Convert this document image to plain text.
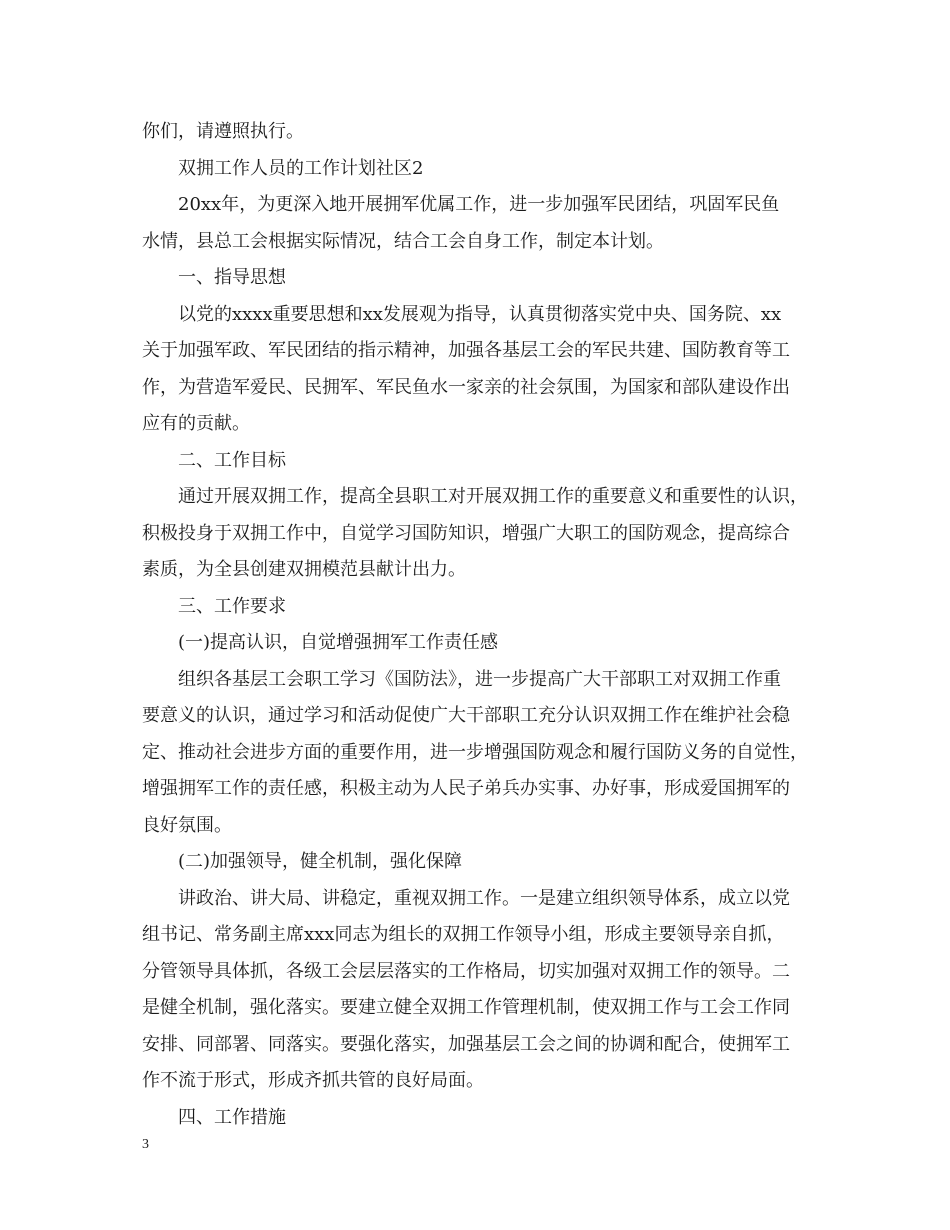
你们，请遵照执行。

双拥工作人员的工作计划社区2

20xx年，为更深入地开展拥军优属工作，进一步加强军民团结，巩固军民鱼

水情，县总工会根据实际情况，结合工会自身工作，制定本计划。

一、指导思想

以党的xxxx重要思想和xx发展观为指导，认真贯彻落实党中央、国务院、xx

关于加强军政、军民团结的指示精神，加强各基层工会的军民共建、国防教育等工

作，为营造军爱民、民拥军、军民鱼水一家亲的社会氛围，为国家和部队建设作出

应有的贡献。

二、工作目标

通过开展双拥工作，提高全县职工对开展双拥工作的重要意义和重要性的认识，

积极投身于双拥工作中，自觉学习国防知识，增强广大职工的国防观念，提高综合

素质，为全县创建双拥模范县献计出力。

三、工作要求

(一)提高认识，自觉增强拥军工作责任感

组织各基层工会职工学习《国防法》，进一步提高广大干部职工对双拥工作重

要意义的认识，通过学习和活动促使广大干部职工充分认识双拥工作在维护社会稳

定、推动社会进步方面的重要作用，进一步增强国防观念和履行国防义务的自觉性，

增强拥军工作的责任感，积极主动为人民子弟兵办实事、办好事，形成爱国拥军的

良好氛围。

(二)加强领导，健全机制，强化保障

讲政治、讲大局、讲稳定，重视双拥工作。一是建立组织领导体系，成立以党

组书记、常务副主席xxx同志为组长的双拥工作领导小组，形成主要领导亲自抓，

分管领导具体抓，各级工会层层落实的工作格局，切实加强对双拥工作的领导。二

是健全机制，强化落实。要建立健全双拥工作管理机制，使双拥工作与工会工作同

安排、同部署、同落实。要强化落实，加强基层工会之间的协调和配合，使拥军工

作不流于形式，形成齐抓共管的良好局面。

四、工作措施

3
